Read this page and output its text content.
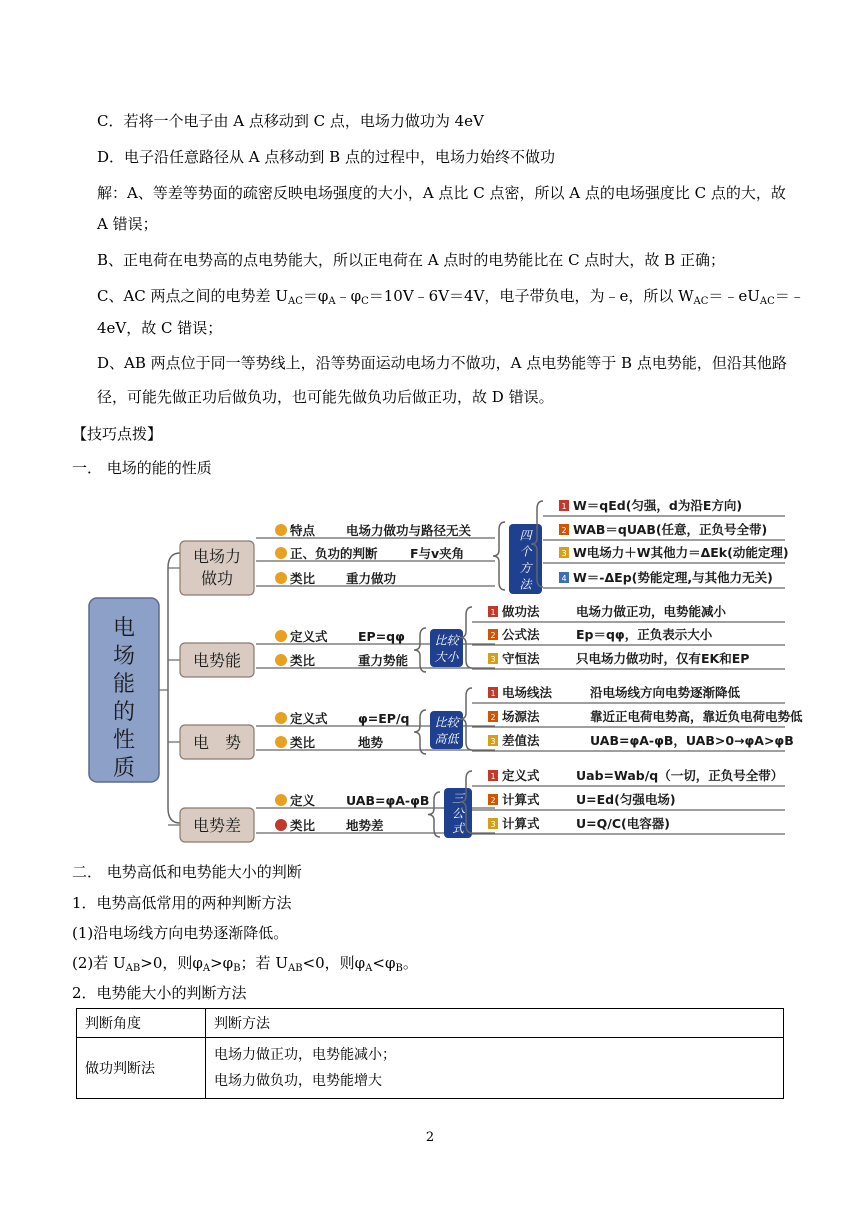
C．若将一个电子由 A 点移动到 C 点，电场力做功为 4eV
D．电子沿任意路径从 A 点移动到 B 点的过程中，电场力始终不做功
解：A、等差等势面的疏密反映电场强度的大小，A 点比 C 点密，所以 A 点的电场强度比 C 点的大，故
A 错误；
B、正电荷在电势高的点电势能大，所以正电荷在 A 点时的电势能比在 C 点时大，故 B 正确；
C、AC 两点之间的电势差 $U_{AC}=\varphi_A﹣\varphi_C=10V﹣6V=4V$，电子带负电，为﹣e，所以 $W_{AC}=﹣eU_{AC}=﹣$
4eV，故 C 错误；
D、AB 两点位于同一等势线上，沿等势面运动电场力不做功，A 点电势能等于 B 点电势能，但沿其他路
径，可能先做正功后做负功，也可能先做负功后做正功，故 D 错误。
【技巧点拨】
一． 电场的能的性质
电
场
能
的
性
质
电场力
做功
特点 电场力做功与路径无关
正、负功的判断	F与v夹角
类比 重力做功
四
个
方
法
1 W＝qEd(匀强，d为沿E方向)
2 WAB＝qUAB(任意，正负号全带)
3 W电场力＋W其他力＝ΔEk(动能定理)
4 W＝-ΔEp(势能定理,与其他力无关)
电势能
定义式 EP=qφ
类比	重力势能
比较
大小
1 做功法	电场力做正功，电势能减小
2 公式法	Ep＝qφ，正负表示大小
3 守恒法	只电场力做功时，仅有EK和EP
电　势
定义式 φ=EP/q
类比	地势
比较
高低
1 电场线法	沿电场线方向电势逐渐降低
2 场源法	靠近正电荷电势高，靠近负电荷电势低
3 差值法	UAB=φA-φB，UAB>0→φA>φB
电势差
定义 UAB=φA-φB
类比 地势差
三
公
式
1 定义式	Uab=Wab/q（一切，正负号全带）
2 计算式	U=Ed(匀强电场)
3 计算式	U=Q/C(电容器)
二． 电势高低和电势能大小的判断
1．电势高低常用的两种判断方法
(1)沿电场线方向电势逐渐降低。
(2)若 $U_{AB}>0$，则$\varphi_A>\varphi_B$；若 $U_{AB}<0$，则$\varphi_A<\varphi_B$。
2．电势能大小的判断方法
判断角度	判断方法
做功判断法	电场力做正功，电势能减小；
电场力做负功，电势能增大
2
